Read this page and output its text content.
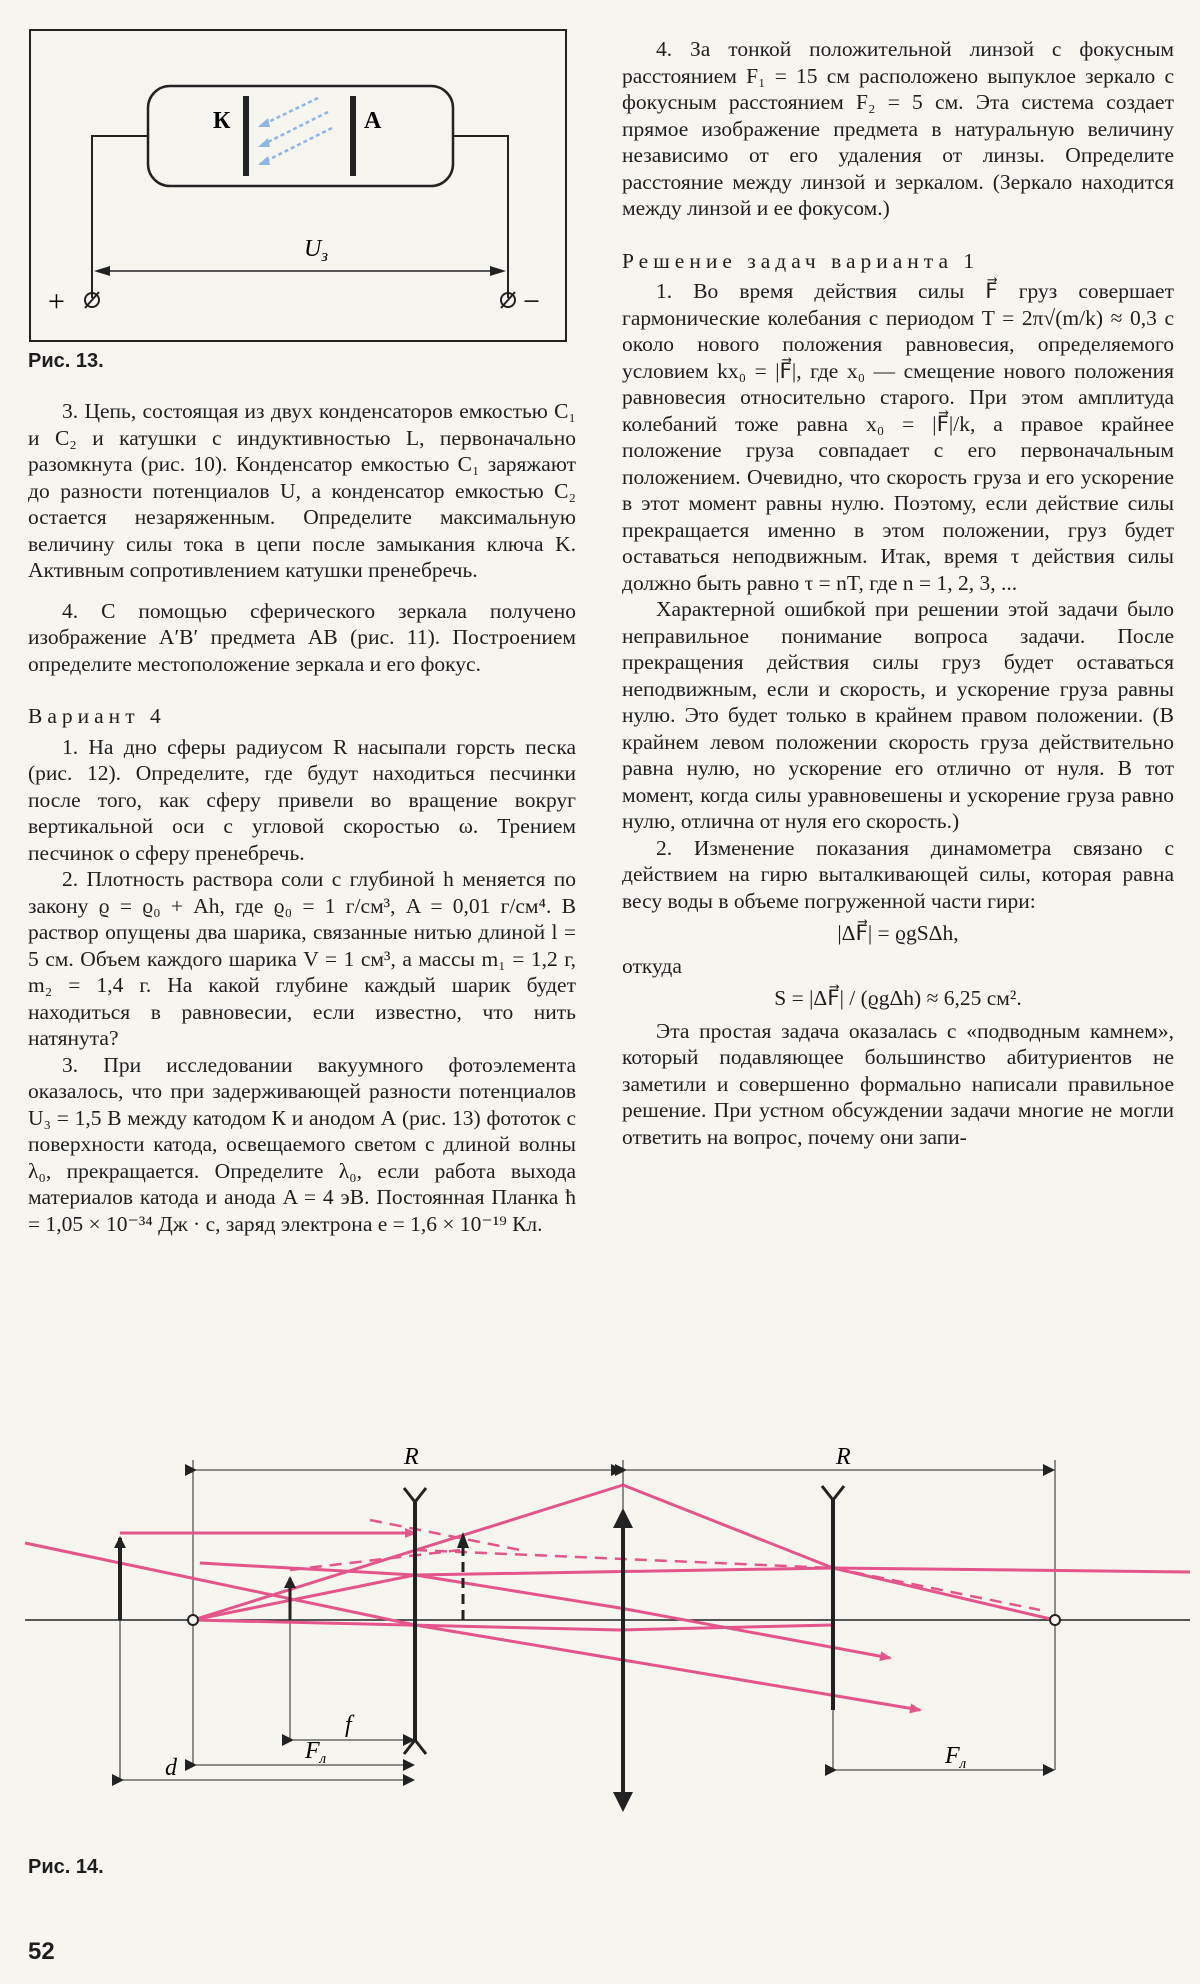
К	А
$U_з$
+	−
Рис. 13.

3. Цепь, состоящая из двух конденсаторов емкостью C₁ и C₂ и катушки с индуктивностью L, первоначально разомкнута (рис. 10). Конденсатор емкостью C₁ заряжают до разности потенциалов U, а конденсатор емкостью C₂ остается незаряженным. Определите максимальную величину силы тока в цепи после замыкания ключа K. Активным сопротивлением катушки пренебречь.

4. С помощью сферического зеркала получено изображение A′B′ предмета AB (рис. 11). Построением определите местоположение зеркала и его фокус.

Вариант 4

1. На дно сферы радиусом R насыпали горсть песка (рис. 12). Определите, где будут находиться песчинки после того, как сферу привели во вращение вокруг вертикальной оси с угловой скоростью ω. Трением песчинок о сферу пренебречь.

2. Плотность раствора соли с глубиной h меняется по закону ϱ = ϱ₀ + Ah, где ϱ₀ = 1 г/см³, A = 0,01 г/см⁴. В раствор опущены два шарика, связанные нитью длиной l = 5 см. Объем каждого шарика V = 1 см³, а массы m₁ = 1,2 г, m₂ = 1,4 г. На какой глубине каждый шарик будет находиться в равновесии, если известно, что нить натянута?

3. При исследовании вакуумного фотоэлемента оказалось, что при задерживающей разности потенциалов U₃ = 1,5 В между катодом К и анодом А (рис. 13) фототок с поверхности катода, освещаемого светом с длиной волны λ₀, прекращается. Определите λ₀, если работа выхода материалов катода и анода A = 4 эВ. Постоянная Планка ħ = 1,05 × 10⁻³⁴ Дж · с, заряд электрона e = 1,6 × 10⁻¹⁹ Кл.

4. За тонкой положительной линзой с фокусным расстоянием F₁ = 15 см расположено выпуклое зеркало с фокусным расстоянием F₂ = 5 см. Эта система создает прямое изображение предмета в натуральную величину независимо от его удаления от линзы. Определите расстояние между линзой и зеркалом. (Зеркало находится между линзой и ее фокусом.)

Решение задач варианта 1

1. Во время действия силы F⃗ груз совершает гармонические колебания с периодом T = 2π√(m/k) ≈ 0,3 с около нового положения равновесия, определяемого условием kx₀ = |F⃗|, где x₀ — смещение нового положения равновесия относительно старого. При этом амплитуда колебаний тоже равна x₀ = |F⃗|/k, а правое крайнее положение груза совпадает с его первоначальным положением. Очевидно, что скорость груза и его ускорение в этот момент равны нулю. Поэтому, если действие силы прекращается именно в этом положении, груз будет оставаться неподвижным. Итак, время τ действия силы должно быть равно τ = nT, где n = 1, 2, 3, ...

Характерной ошибкой при решении этой задачи было неправильное понимание вопроса задачи. После прекращения действия силы груз будет оставаться неподвижным, если и скорость, и ускорение груза равны нулю. Это будет только в крайнем правом положении. (В крайнем левом положении скорость груза действительно равна нулю, но ускорение его отлично от нуля. В тот момент, когда силы уравновешены и ускорение груза равно нулю, отлична от нуля его скорость.)

2. Изменение показания динамометра связано с действием на гирю выталкивающей силы, которая равна весу воды в объеме погруженной части гири:

|ΔF⃗| = ϱgSΔh,

откуда

S = |ΔF⃗| / (ϱgΔh) ≈ 6,25 см².

Эта простая задача оказалась с «подводным камнем», который подавляющее большинство абитуриентов не заметили и совершенно формально написали правильное решение. При устном обсуждении задачи многие не могли ответить на вопрос, почему они запи-

R	R
f
$F_л$
d	$F_л$
Рис. 14.
52
